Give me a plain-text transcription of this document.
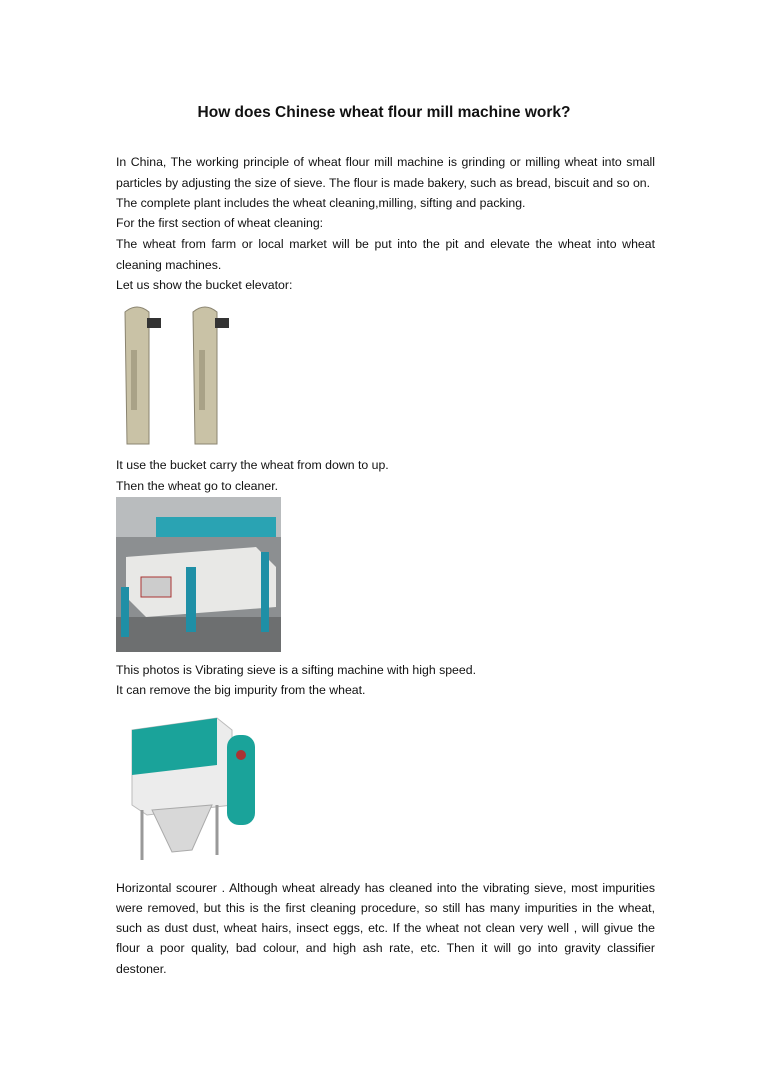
How does Chinese wheat flour mill machine work?
In China, The working principle of wheat flour mill machine is grinding or milling wheat into small
particles by adjusting the size of sieve. The flour is made bakery, such as bread, biscuit and so on.
The complete plant includes the wheat cleaning,milling, sifting and packing.
For the first section of wheat cleaning:
The wheat from farm or local market will be put into the pit and elevate the wheat into wheat
cleaning machines.
Let us show the bucket elevator:
It use the bucket carry the wheat from down to up.
Then the wheat go to cleaner.
This photos is Vibrating sieve is a sifting machine with high speed.
It can remove the big impurity from the wheat.
Horizontal scourer . Although wheat already has cleaned into the vibrating sieve, most impurities
were removed, but this is the first cleaning procedure, so still has many impurities in the wheat,
such as dust dust, wheat hairs, insect eggs, etc. If the wheat not clean very well , will givue the
flour a poor quality, bad colour, and high ash rate, etc. Then it will go into gravity classifier
destoner.
